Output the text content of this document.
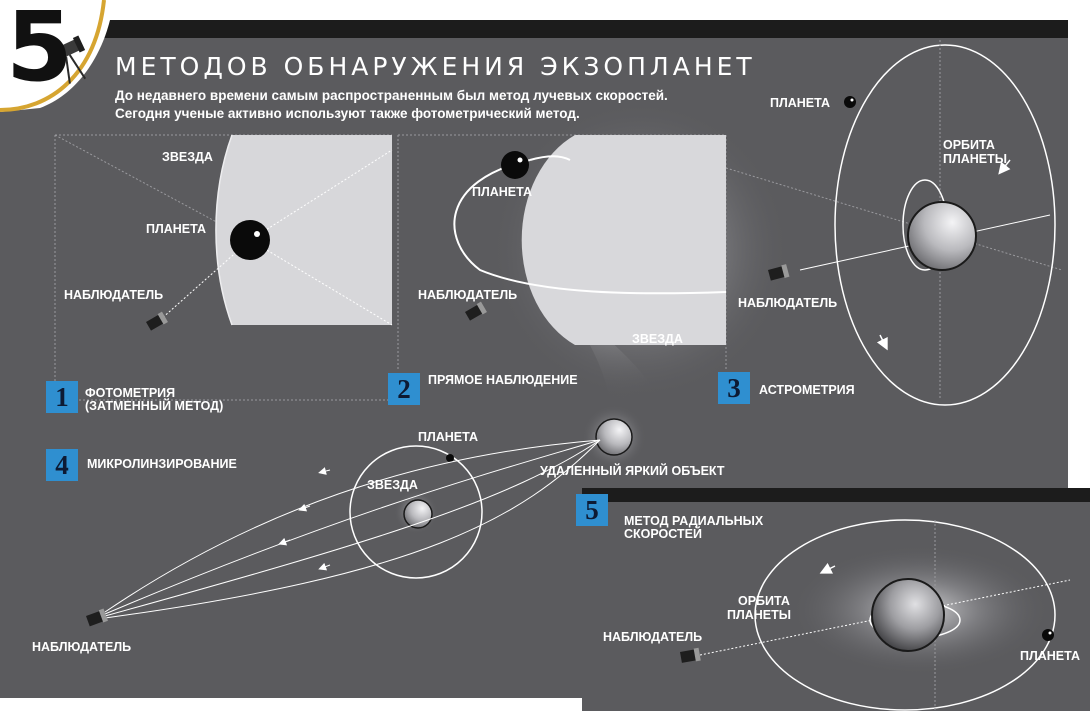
5 МЕТОДОВ ОБНАРУЖЕНИЯ ЭКЗОПЛАНЕТ
До недавнего времени самым распространенным был метод лучевых скоростей.
Сегодня ученые активно используют также фотометрический метод.
ЗВЕЗДА
ПЛАНЕТА
НАБЛЮДАТЕЛЬ
ПЛАНЕТА
НАБЛЮДАТЕЛЬ
ЗВЕЗДА
ПЛАНЕТА
ОРБИТА
ПЛАНЕТЫ
НАБЛЮДАТЕЛЬ
ПЛАНЕТА
ЗВЕЗДА
УДАЛЕННЫЙ ЯРКИЙ ОБЪЕКТ
НАБЛЮДАТЕЛЬ
ОРБИТА
ПЛАНЕТЫ
НАБЛЮДАТЕЛЬ
ПЛАНЕТА
1	ФОТОМЕТРИЯ
(ЗАТМЕННЫЙ МЕТОД)
2	ПРЯМОЕ НАБЛЮДЕНИЕ	3	АСТРОМЕТРИЯ
4	МИКРОЛИНЗИРОВАНИЕ
5	МЕТОД РАДИАЛЬНЫХ
СКОРОСТЕЙ
